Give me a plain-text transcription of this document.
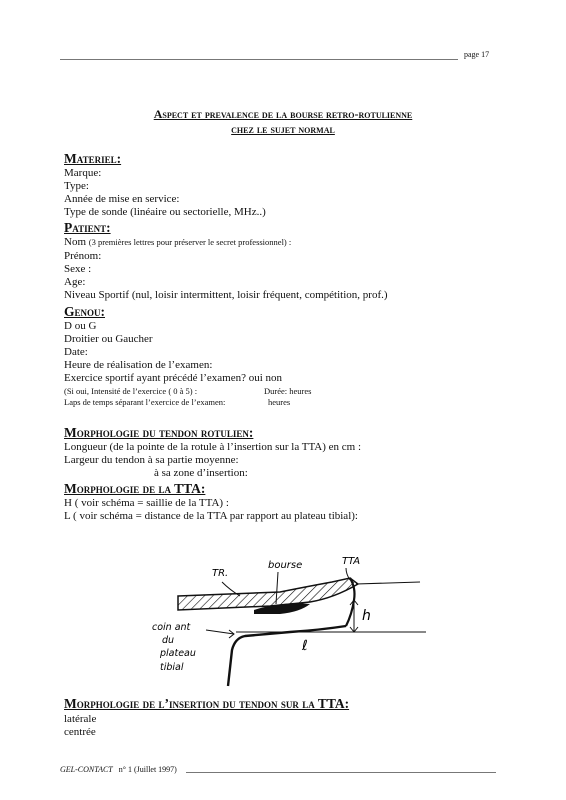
page 17
Aspect et prevalence de la bourse retro-rotulienne
chez le sujet normal
Materiel:
Marque:
Type:
Année de mise en service:
Type de sonde (linéaire ou sectorielle, MHz..)
Patient:
Nom (3 premières lettres pour préserver le secret professionnel) :
Prénom:
Sexe :
Age:
Niveau Sportif (nul, loisir intermittent, loisir fréquent, compétition, prof.)
Genou:
D ou G
Droitier ou Gaucher
Date:
Heure de réalisation de l’examen:
Exercice sportif ayant précédé l’examen? oui non
(Si oui, Intensité de l’exercice ( 0 à 5) :	Durée: heures
Laps de temps séparant l’exercice de l’examen:	heures
Morphologie du tendon rotulien:
Longueur (de la pointe de la rotule à l’insertion sur la TTA) en cm :
Largeur du tendon à sa partie moyenne:
à sa zone d’insertion:
Morphologie de la TTA:
H ( voir schéma = saillie de la TTA) :
L ( voir schéma = distance de la TTA par rapport au plateau tibial):
TR.
bourse	TTA
h
ℓ
coin ant
du
plateau
tibial
Morphologie de l’insertion du tendon sur la TTA:
latérale
centrée
GEL-CONTACT n° 1 (Juillet 1997)
